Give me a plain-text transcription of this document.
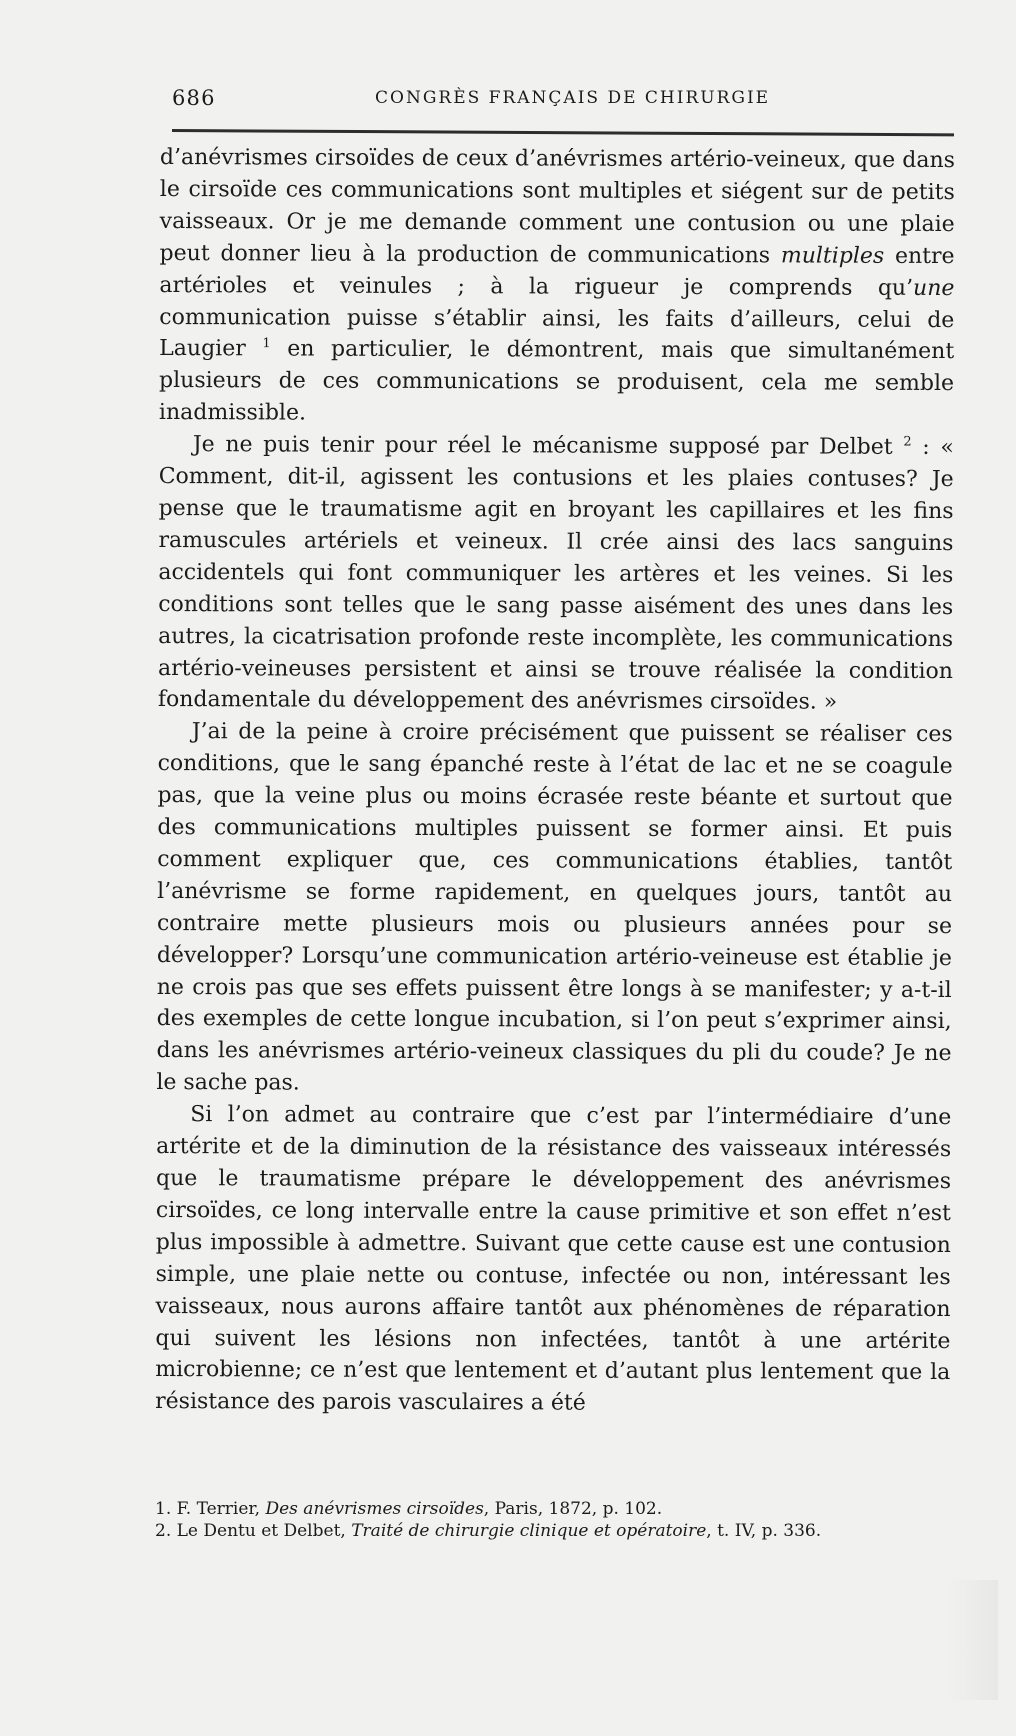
686	CONGRÈS FRANÇAIS DE CHIRURGIE

d’anévrismes cirsoïdes de ceux d’anévrismes artério-veineux, que dans le cirsoïde ces communications sont multiples et siégent sur de petits vaisseaux. Or je me demande comment une contusion ou une plaie peut donner lieu à la production de communications multiples entre artérioles et veinules ; à la rigueur je comprends qu’une communication puisse s’établir ainsi, les faits d’ailleurs, celui de Laugier $^1$ en particulier, le démontrent, mais que simultanément plusieurs de ces communications se produisent, cela me semble inadmissible.

Je ne puis tenir pour réel le mécanisme supposé par Delbet $^2$ : « Comment, dit-il, agissent les contusions et les plaies contuses? Je pense que le traumatisme agit en broyant les capillaires et les fins ramuscules artériels et veineux. Il crée ainsi des lacs sanguins accidentels qui font communiquer les artères et les veines. Si les conditions sont telles que le sang passe aisément des unes dans les autres, la cicatrisation profonde reste incomplète, les communications artério-veineuses persistent et ainsi se trouve réalisée la condition fondamentale du développement des anévrismes cirsoïdes. »

J’ai de la peine à croire précisément que puissent se réaliser ces conditions, que le sang épanché reste à l’état de lac et ne se coagule pas, que la veine plus ou moins écrasée reste béante et surtout que des communications multiples puissent se former ainsi. Et puis comment expliquer que, ces communications établies, tantôt l’anévrisme se forme rapidement, en quelques jours, tantôt au contraire mette plusieurs mois ou plusieurs années pour se développer? Lorsqu’une communication artério-veineuse est établie je ne crois pas que ses effets puissent être longs à se manifester; y a-t-il des exemples de cette longue incubation, si l’on peut s’exprimer ainsi, dans les anévrismes artério-veineux classiques du pli du coude? Je ne le sache pas.

Si l’on admet au contraire que c’est par l’intermédiaire d’une artérite et de la diminution de la résistance des vaisseaux intéressés que le traumatisme prépare le développement des anévrismes cirsoïdes, ce long intervalle entre la cause primitive et son effet n’est plus impossible à admettre. Suivant que cette cause est une contusion simple, une plaie nette ou contuse, infectée ou non, intéressant les vaisseaux, nous aurons affaire tantôt aux phénomènes de réparation qui suivent les lésions non infectées, tantôt à une artérite microbienne; ce n’est que lentement et d’autant plus lentement que la résistance des parois vasculaires a été

1. F. Terrier, Des anévrismes cirsoïdes, Paris, 1872, p. 102.

2. Le Dentu et Delbet, Traité de chirurgie clinique et opératoire, t. IV, p. 336.
